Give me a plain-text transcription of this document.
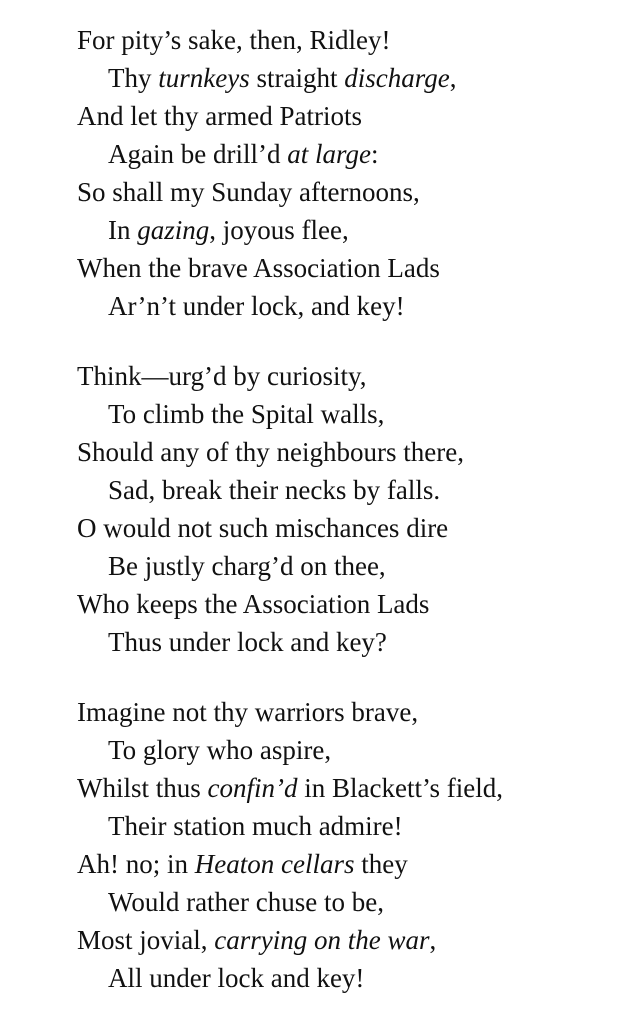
For pity’s sake, then, Ridley!
Thy turnkeys straight discharge,
And let thy armed Patriots
Again be drill’d at large:
So shall my Sunday afternoons,
In gazing, joyous flee,
When the brave Association Lads
Ar’n’t under lock, and key!
Think—urg’d by curiosity,
To climb the Spital walls,
Should any of thy neighbours there,
Sad, break their necks by falls.
O would not such mischances dire
Be justly charg’d on thee,
Who keeps the Association Lads
Thus under lock and key?
Imagine not thy warriors brave,
To glory who aspire,
Whilst thus confin’d in Blackett’s field,
Their station much admire!
Ah! no; in Heaton cellars they
Would rather chuse to be,
Most jovial, carrying on the war,
All under lock and key!
